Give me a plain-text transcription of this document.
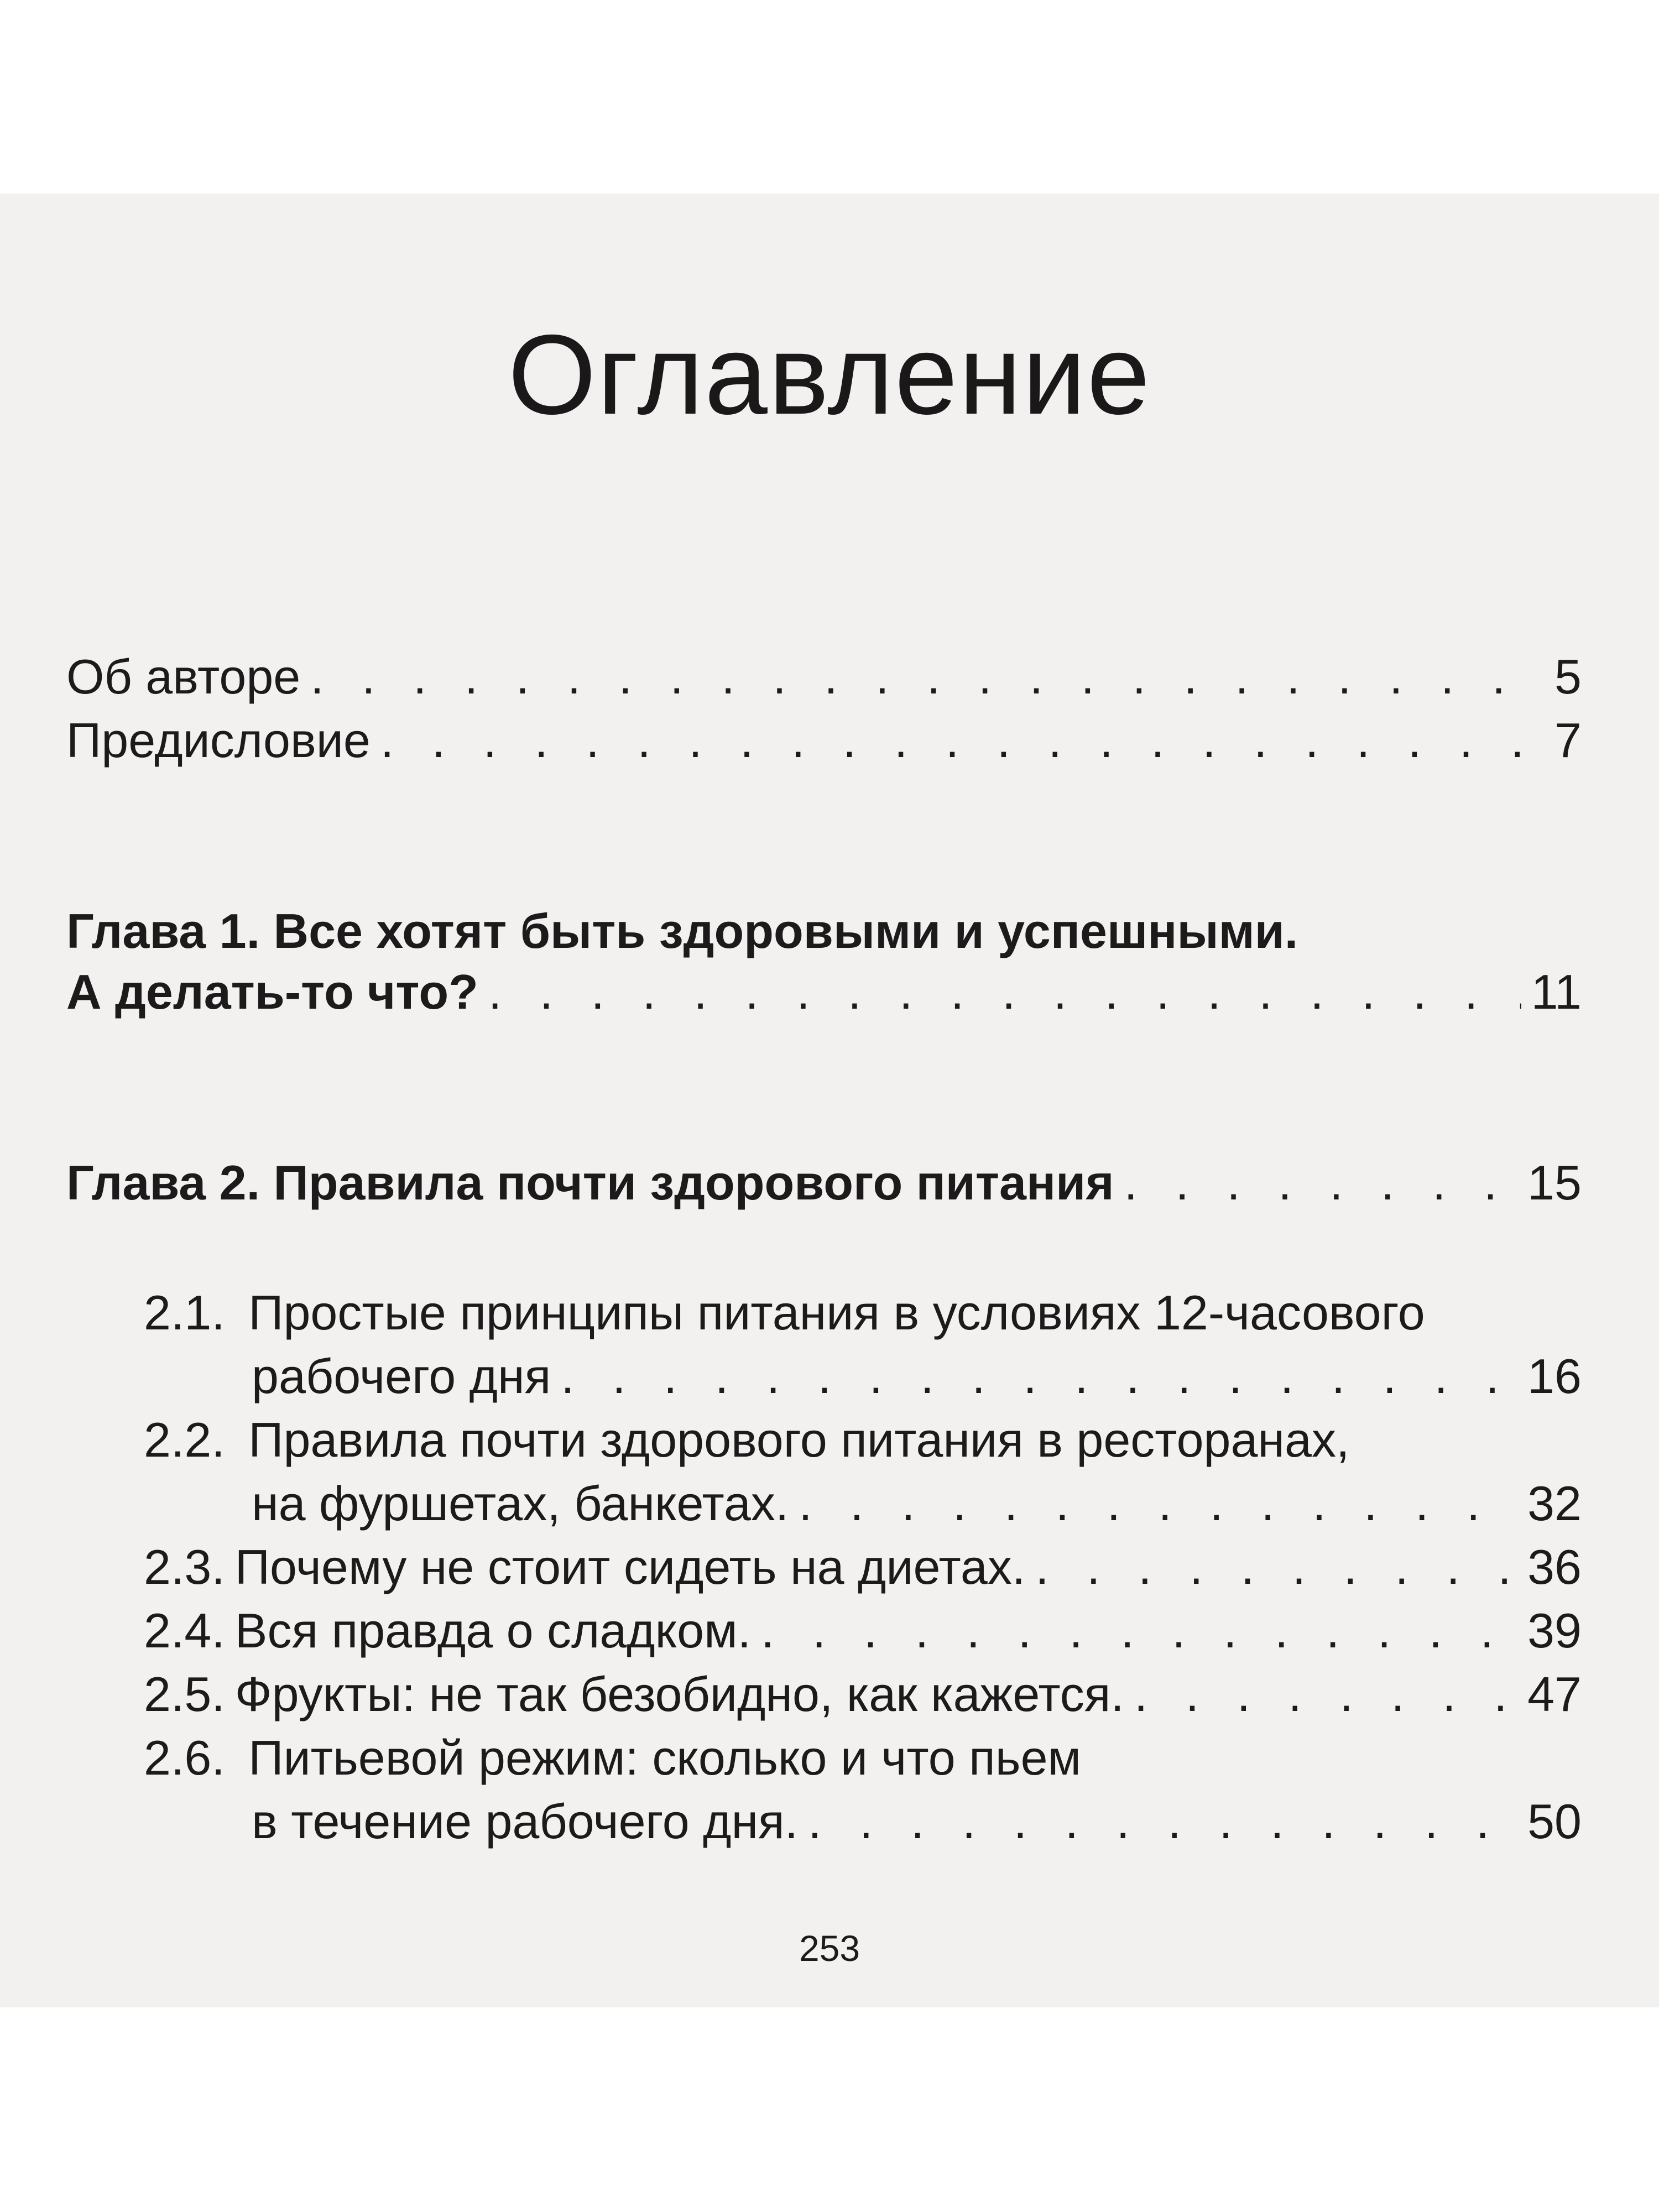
Оглавление
Об авторе . . .	5
Предисловие . . .	7
Глава 1. Все хотят быть здоровыми и успешными.
А делать-то что? . . .	11
Глава 2. Правила почти здорового питания . . .	15
2.1. Простые принципы питания в условиях 12-часового
рабочего дня . . .	16
2.2. Правила почти здорового питания в ресторанах,
на фуршетах, банкетах. . . .	32
2.3. Почему не стоит сидеть на диетах. . . .	36
2.4. Вся правда о сладком. . . .	39
2.5. Фрукты: не так безобидно, как кажется. . . .	47
2.6. Питьевой режим: сколько и что пьем
в течение рабочего дня. . . .	50
253
